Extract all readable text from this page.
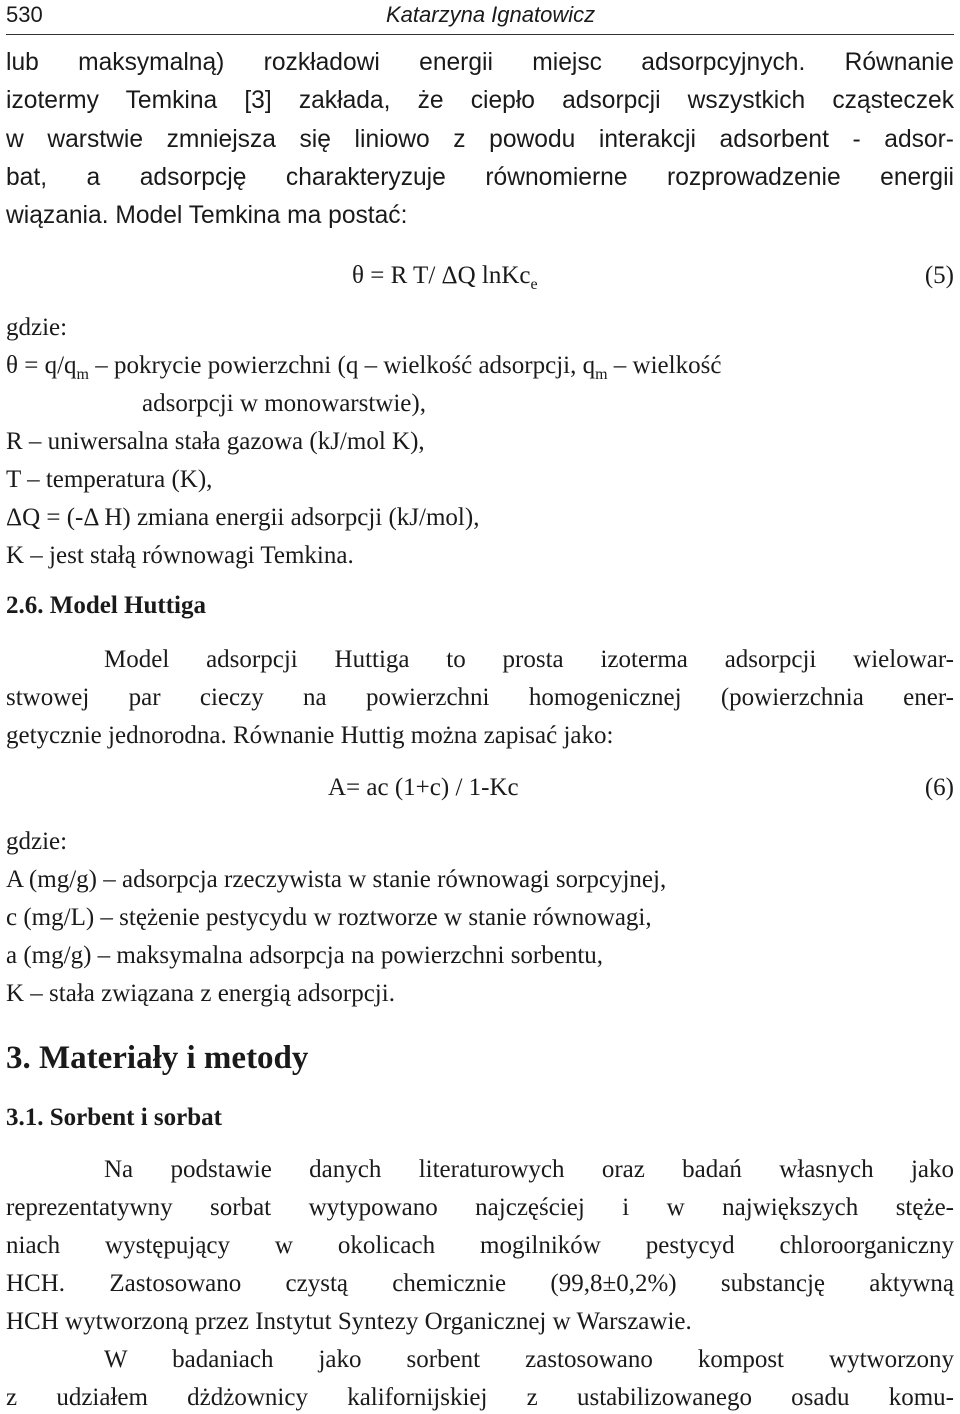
530	Katarzyna Ignatowicz
lub maksymalną) rozkładowi energii miejsc adsorpcyjnych. Równanie
izotermy Temkina [3] zakłada, że ciepło adsorpcji wszystkich cząsteczek
w warstwie zmniejsza się liniowo z powodu interakcji adsorbent - adsor-
bat, a adsorpcję charakteryzuje równomierne rozprowadzenie energii
wiązania. Model Temkina ma postać:
θ = R T/ ΔQ lnKc$_e$	(5)
gdzie:
$\theta = q/q_m$ – pokrycie powierzchni (q – wielkość adsorpcji, $q_m$ – wielkość
adsorpcji w monowarstwie),
R – uniwersalna stała gazowa (kJ/mol K),
T – temperatura (K),
ΔQ = (-Δ H) zmiana energii adsorpcji (kJ/mol),
K – jest stałą równowagi Temkina.
2.6. Model Huttiga
Model adsorpcji Huttiga to prosta izoterma adsorpcji wielowar-
stwowej par cieczy na powierzchni homogenicznej (powierzchnia ener-
getycznie jednorodna. Równanie Huttig można zapisać jako:
A= ac (1+c) / 1-Kc	(6)
gdzie:
A (mg/g) – adsorpcja rzeczywista w stanie równowagi sorpcyjnej,
c (mg/L) – stężenie pestycydu w roztworze w stanie równowagi,
a (mg/g) – maksymalna adsorpcja na powierzchni sorbentu,
K – stała związana z energią adsorpcji.
3. Materiały i metody
3.1. Sorbent i sorbat
Na podstawie danych literaturowych oraz badań własnych jako
reprezentatywny sorbat wytypowano najczęściej i w największych stęże-
niach występujący w okolicach mogilników pestycyd chloroorganiczny
HCH. Zastosowano czystą chemicznie (99,8±0,2%) substancję aktywną
HCH wytworzoną przez Instytut Syntezy Organicznej w Warszawie.
W badaniach jako sorbent zastosowano kompost wytworzony
z udziałem dżdżownicy kalifornijskiej z ustabilizowanego osadu komu-
